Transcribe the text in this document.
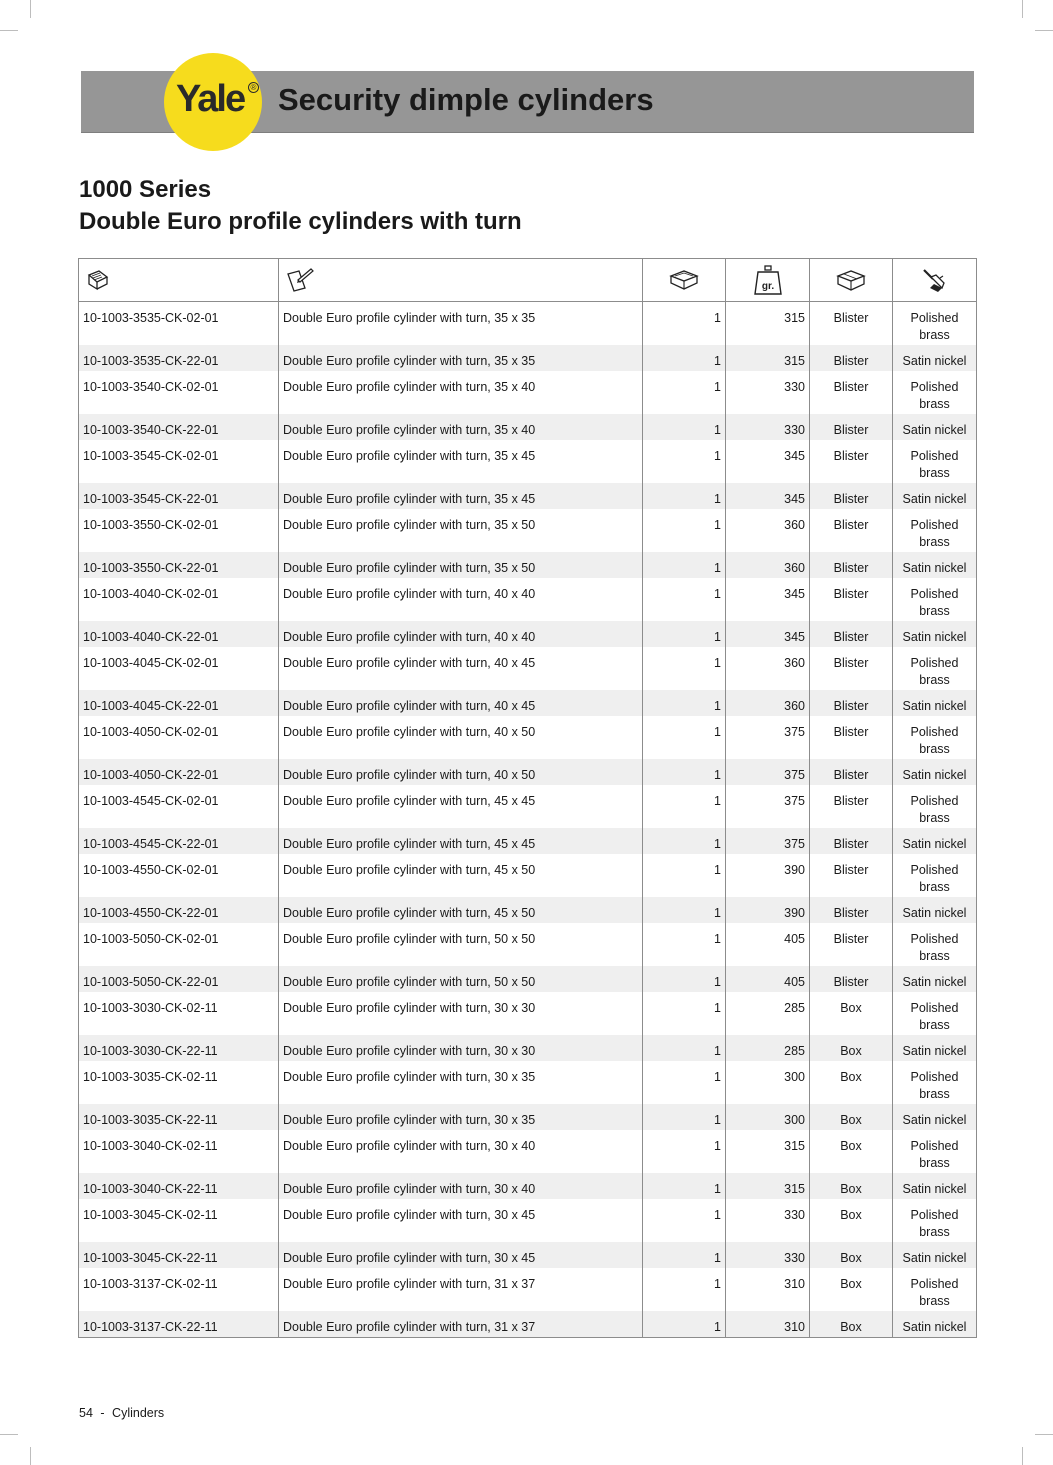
Yale ® Security dimple cylinders
1000 Series
Double Euro profile cylinders with turn

gr.

10-1003-3535-CK-02-01	Double Euro profile cylinder with turn, 35 x 35	1	315	Blister	Polished brass
10-1003-3535-CK-22-01	Double Euro profile cylinder with turn, 35 x 35	1	315	Blister	Satin nickel
10-1003-3540-CK-02-01	Double Euro profile cylinder with turn, 35 x 40	1	330	Blister	Polished brass
10-1003-3540-CK-22-01	Double Euro profile cylinder with turn, 35 x 40	1	330	Blister	Satin nickel
10-1003-3545-CK-02-01	Double Euro profile cylinder with turn, 35 x 45	1	345	Blister	Polished brass
10-1003-3545-CK-22-01	Double Euro profile cylinder with turn, 35 x 45	1	345	Blister	Satin nickel
10-1003-3550-CK-02-01	Double Euro profile cylinder with turn, 35 x 50	1	360	Blister	Polished brass
10-1003-3550-CK-22-01	Double Euro profile cylinder with turn, 35 x 50	1	360	Blister	Satin nickel
10-1003-4040-CK-02-01	Double Euro profile cylinder with turn, 40 x 40	1	345	Blister	Polished brass
10-1003-4040-CK-22-01	Double Euro profile cylinder with turn, 40 x 40	1	345	Blister	Satin nickel
10-1003-4045-CK-02-01	Double Euro profile cylinder with turn, 40 x 45	1	360	Blister	Polished brass
10-1003-4045-CK-22-01	Double Euro profile cylinder with turn, 40 x 45	1	360	Blister	Satin nickel
10-1003-4050-CK-02-01	Double Euro profile cylinder with turn, 40 x 50	1	375	Blister	Polished brass
10-1003-4050-CK-22-01	Double Euro profile cylinder with turn, 40 x 50	1	375	Blister	Satin nickel
10-1003-4545-CK-02-01	Double Euro profile cylinder with turn, 45 x 45	1	375	Blister	Polished brass
10-1003-4545-CK-22-01	Double Euro profile cylinder with turn, 45 x 45	1	375	Blister	Satin nickel
10-1003-4550-CK-02-01	Double Euro profile cylinder with turn, 45 x 50	1	390	Blister	Polished brass
10-1003-4550-CK-22-01	Double Euro profile cylinder with turn, 45 x 50	1	390	Blister	Satin nickel
10-1003-5050-CK-02-01	Double Euro profile cylinder with turn, 50 x 50	1	405	Blister	Polished brass
10-1003-5050-CK-22-01	Double Euro profile cylinder with turn, 50 x 50	1	405	Blister	Satin nickel
10-1003-3030-CK-02-11	Double Euro profile cylinder with turn, 30 x 30	1	285	Box	Polished brass
10-1003-3030-CK-22-11	Double Euro profile cylinder with turn, 30 x 30	1	285	Box	Satin nickel
10-1003-3035-CK-02-11	Double Euro profile cylinder with turn, 30 x 35	1	300	Box	Polished brass
10-1003-3035-CK-22-11	Double Euro profile cylinder with turn, 30 x 35	1	300	Box	Satin nickel
10-1003-3040-CK-02-11	Double Euro profile cylinder with turn, 30 x 40	1	315	Box	Polished brass
10-1003-3040-CK-22-11	Double Euro profile cylinder with turn, 30 x 40	1	315	Box	Satin nickel
10-1003-3045-CK-02-11	Double Euro profile cylinder with turn, 30 x 45	1	330	Box	Polished brass
10-1003-3045-CK-22-11	Double Euro profile cylinder with turn, 30 x 45	1	330	Box	Satin nickel
10-1003-3137-CK-02-11	Double Euro profile cylinder with turn, 31 x 37	1	310	Box	Polished brass
10-1003-3137-CK-22-11	Double Euro profile cylinder with turn, 31 x 37	1	310	Box	Satin nickel
54 - Cylinders
